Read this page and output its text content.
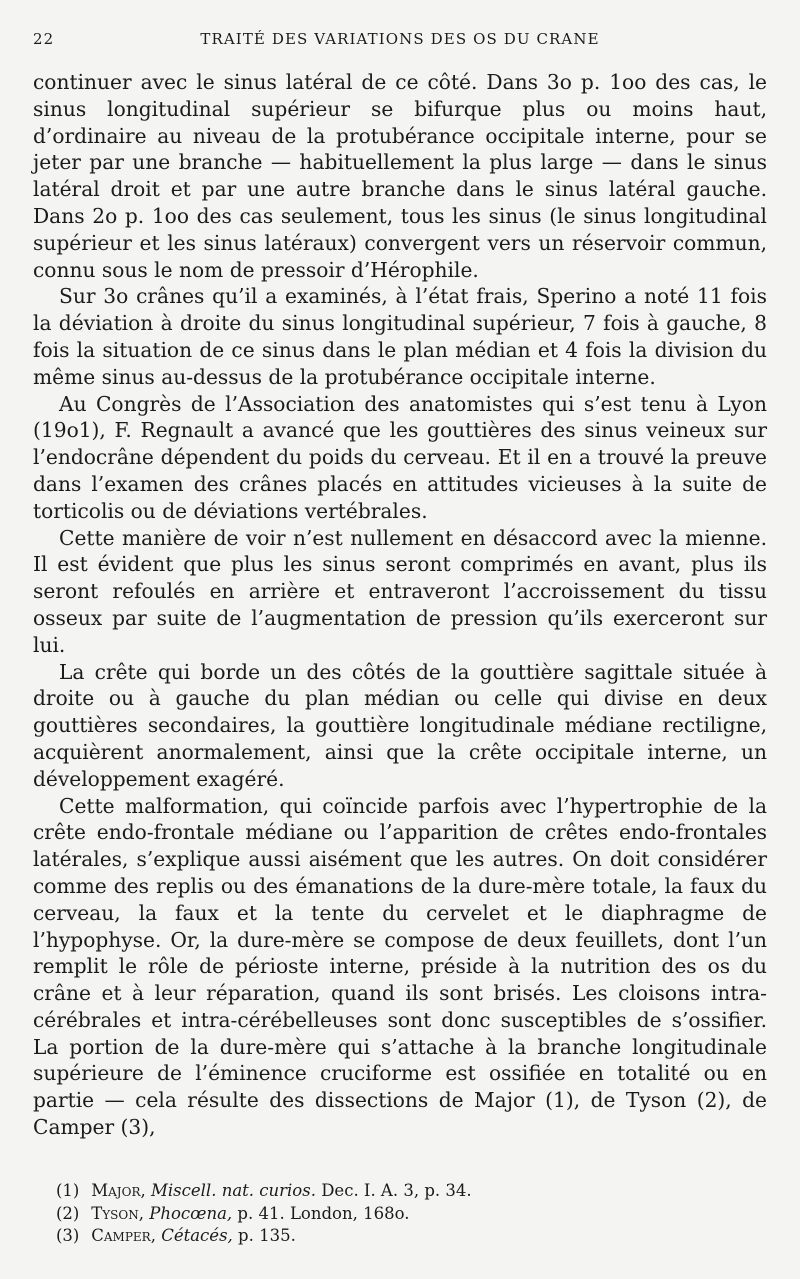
22	TRAITÉ DES VARIATIONS DES OS DU CRANE

continuer avec le sinus latéral de ce côté. Dans 3o p. 1oo des cas, le sinus longitudinal supérieur se bifurque plus ou moins haut, d’ordinaire au niveau de la protubérance occipitale interne, pour se jeter par une branche — habituellement la plus large — dans le sinus latéral droit et par une autre branche dans le sinus latéral gauche. Dans 2o p. 1oo des cas seulement, tous les sinus (le sinus longitudinal supérieur et les sinus latéraux) convergent vers un réservoir commun, connu sous le nom de pressoir d’Hérophile.

Sur 3o crânes qu’il a examinés, à l’état frais, Sperino a noté 11 fois la déviation à droite du sinus longitudinal supérieur, 7 fois à gauche, 8 fois la situation de ce sinus dans le plan médian et 4 fois la division du même sinus au-dessus de la protubérance occipitale interne.

Au Congrès de l’Association des anatomistes qui s’est tenu à Lyon (19o1), F. Regnault a avancé que les gouttières des sinus veineux sur l’endocrâne dépendent du poids du cerveau. Et il en a trouvé la preuve dans l’examen des crânes placés en attitudes vicieuses à la suite de torticolis ou de déviations vertébrales.

Cette manière de voir n’est nullement en désaccord avec la mienne. Il est évident que plus les sinus seront comprimés en avant, plus ils seront refoulés en arrière et entraveront l’accroissement du tissu osseux par suite de l’augmentation de pression qu’ils exerceront sur lui.

La crête qui borde un des côtés de la gouttière sagittale située à droite ou à gauche du plan médian ou celle qui divise en deux gouttières secondaires, la gouttière longitudinale médiane rectiligne, acquièrent anormalement, ainsi que la crête occipitale interne, un développement exagéré.

Cette malformation, qui coïncide parfois avec l’hypertrophie de la crête endo-frontale médiane ou l’apparition de crêtes endo-frontales latérales, s’explique aussi aisément que les autres. On doit considérer comme des replis ou des émanations de la dure-mère totale, la faux du cerveau, la faux et la tente du cervelet et le diaphragme de l’hypophyse. Or, la dure-mère se compose de deux feuillets, dont l’un remplit le rôle de périoste interne, préside à la nutrition des os du crâne et à leur réparation, quand ils sont brisés. Les cloisons intra-cérébrales et intra-cérébelleuses sont donc susceptibles de s’ossifier. La portion de la dure-mère qui s’attache à la branche longitudinale supérieure de l’éminence cruciforme est ossifiée en totalité ou en partie — cela résulte des dissections de Major (1), de Tyson (2), de Camper (3),

(1) Major, Miscell. nat. curios. Dec. I. A. 3, p. 34.

(2) Tyson, Phocœna, p. 41. London, 168o.

(3) Camper, Cétacés, p. 135.
